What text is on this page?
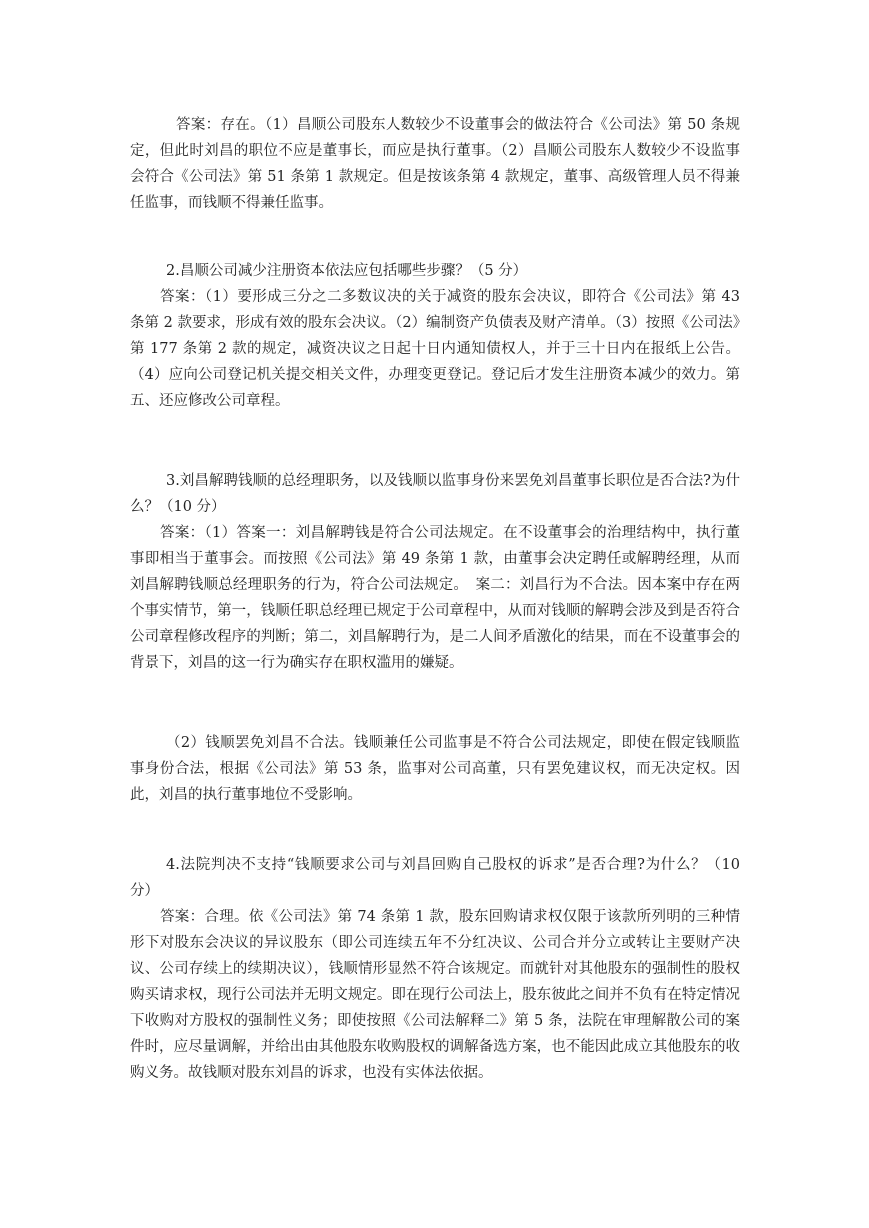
答案：存在。（1）昌顺公司股东人数较少不设董事会的做法符合《公司法》第 50 条规定，但此时刘昌的职位不应是董事长，而应是执行董事。（2）昌顺公司股东人数较少不设监事会符合《公司法》第 51 条第 1 款规定。但是按该条第 4 款规定，董事、高级管理人员不得兼任监事，而钱顺不得兼任监事。

2.昌顺公司减少注册资本依法应包括哪些步骤？（5 分）

答案：（1）要形成三分之二多数议决的关于减资的股东会决议，即符合《公司法》第 43 条第 2 款要求，形成有效的股东会决议。（2）编制资产负债表及财产清单。（3）按照《公司法》第 177 条第 2 款的规定，减资决议之日起十日内通知债权人，并于三十日内在报纸上公告。（4）应向公司登记机关提交相关文件，办理变更登记。登记后才发生注册资本减少的效力。第五、还应修改公司章程。

3.刘昌解聘钱顺的总经理职务，以及钱顺以监事身份来罢免刘昌董事长职位是否合法?为什么？（10 分）

答案：（1）答案一：刘昌解聘钱是符合公司法规定。在不设董事会的治理结构中，执行董事即相当于董事会。而按照《公司法》第 49 条第 1 款，由董事会决定聘任或解聘经理，从而刘昌解聘钱顺总经理职务的行为，符合公司法规定。　案二：刘昌行为不合法。因本案中存在两个事实情节，第一，钱顺任职总经理已规定于公司章程中，从而对钱顺的解聘会涉及到是否符合公司章程修改程序的判断；第二，刘昌解聘行为，是二人间矛盾激化的结果，而在不设董事会的背景下，刘昌的这一行为确实存在职权滥用的嫌疑。

（2）钱顺罢免刘昌不合法。钱顺兼任公司监事是不符合公司法规定，即使在假定钱顺监事身份合法，根据《公司法》第 53 条，监事对公司高董，只有罢免建议权，而无决定权。因此，刘昌的执行董事地位不受影响。

4.法院判决不支持“钱顺要求公司与刘昌回购自己股权的诉求”是否合理?为什么？（10 分）

答案：合理。依《公司法》第 74 条第 1 款，股东回购请求权仅限于该款所列明的三种情形下对股东会决议的异议股东（即公司连续五年不分红决议、公司合并分立或转让主要财产决议、公司存续上的续期决议），钱顺情形显然不符合该规定。而就针对其他股东的强制性的股权购买请求权，现行公司法并无明文规定。即在现行公司法上，股东彼此之间并不负有在特定情况下收购对方股权的强制性义务；即使按照《公司法解释二》第 5 条，法院在审理解散公司的案件时，应尽量调解，并给出由其他股东收购股权的调解备选方案，也不能因此成立其他股东的收购义务。故钱顺对股东刘昌的诉求，也没有实体法依据。
